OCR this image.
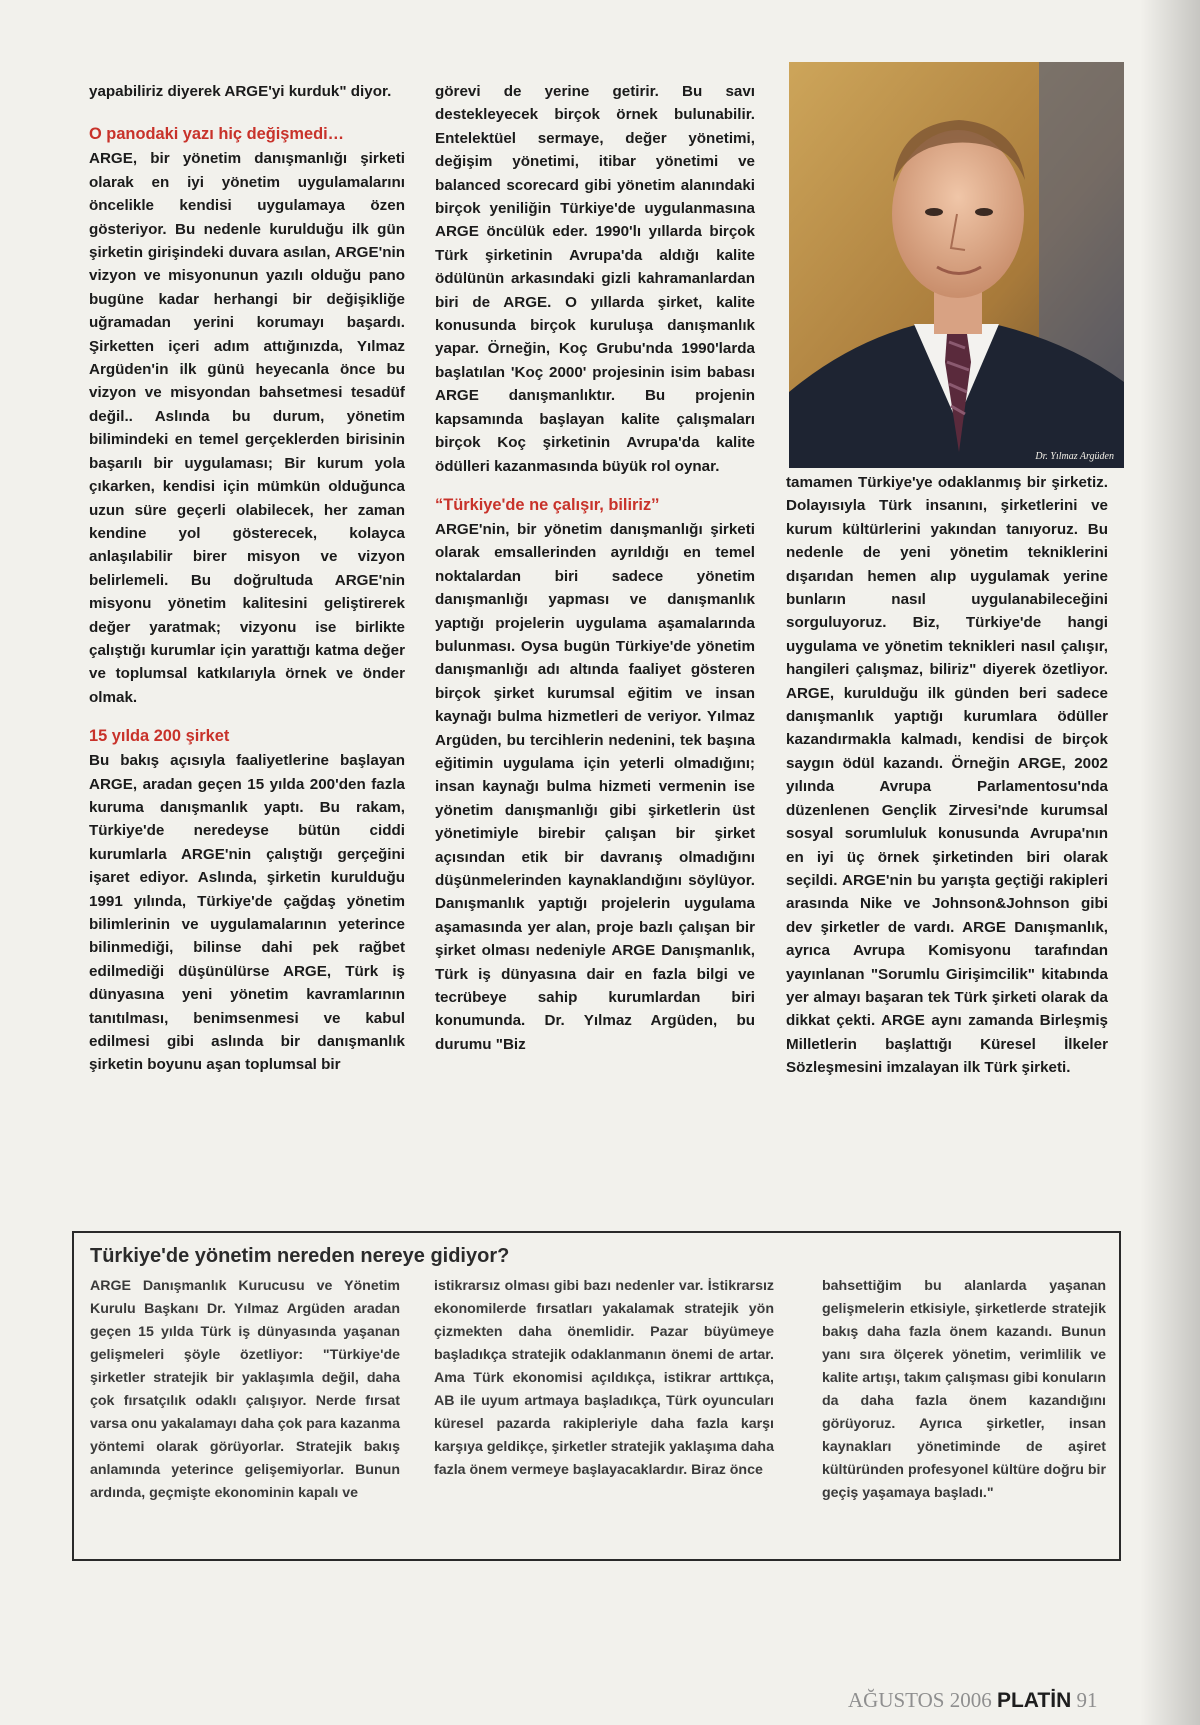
yapabiliriz diyerek ARGE'yi kurduk" diyor.

O panodaki yazı hiç değişmedi…

ARGE, bir yönetim danışmanlığı şirketi olarak en iyi yönetim uygulamalarını öncelikle kendisi uygulamaya özen gösteriyor. Bu nedenle kurulduğu ilk gün şirketin girişindeki duvara asılan, ARGE'nin vizyon ve misyonunun yazılı olduğu pano bugüne kadar herhangi bir değişikliğe uğramadan yerini korumayı başardı. Şirketten içeri adım attığınızda, Yılmaz Argüden'in ilk günü heyecanla önce bu vizyon ve misyondan bahsetmesi tesadüf değil.. Aslında bu durum, yönetim bilimindeki en temel gerçeklerden birisinin başarılı bir uygulaması; Bir kurum yola çıkarken, kendisi için mümkün olduğunca uzun süre geçerli olabilecek, her zaman kendine yol gösterecek, kolayca anlaşılabilir birer misyon ve vizyon belirlemeli. Bu doğrultuda ARGE'nin misyonu yönetim kalitesini geliştirerek değer yaratmak; vizyonu ise birlikte çalıştığı kurumlar için yarattığı katma değer ve toplumsal katkılarıyla örnek ve önder olmak.

15 yılda 200 şirket

Bu bakış açısıyla faaliyetlerine başlayan ARGE, aradan geçen 15 yılda 200'den fazla kuruma danışmanlık yaptı. Bu rakam, Türkiye'de neredeyse bütün ciddi kurumlarla ARGE'nin çalıştığı gerçeğini işaret ediyor. Aslında, şirketin kurulduğu 1991 yılında, Türkiye'de çağdaş yönetim bilimlerinin ve uygulamalarının yeterince bilinmediği, bilinse dahi pek rağbet edilmediği düşünülürse ARGE, Türk iş dünyasına yeni yönetim kavramlarının tanıtılması, benimsenmesi ve kabul edilmesi gibi aslında bir danışmanlık şirketin boyunu aşan toplumsal bir

görevi de yerine getirir. Bu savı destekleyecek birçok örnek bulunabilir. Entelektüel sermaye, değer yönetimi, değişim yönetimi, itibar yönetimi ve balanced scorecard gibi yönetim alanındaki birçok yeniliğin Türkiye'de uygulanmasına ARGE öncülük eder. 1990'lı yıllarda birçok Türk şirketinin Avrupa'da aldığı kalite ödülünün arkasındaki gizli kahramanlardan biri de ARGE. O yıllarda şirket, kalite konusunda birçok kuruluşa danışmanlık yapar. Örneğin, Koç Grubu'nda 1990'larda başlatılan 'Koç 2000' projesinin isim babası ARGE danışmanlıktır. Bu projenin kapsamında başlayan kalite çalışmaları birçok Koç şirketinin Avrupa'da kalite ödülleri kazanmasında büyük rol oynar.

“Türkiye'de ne çalışır, bilirizˮ

ARGE'nin, bir yönetim danışmanlığı şirketi olarak emsallerinden ayrıldığı en temel noktalardan biri sadece yönetim danışmanlığı yapması ve danışmanlık yaptığı projelerin uygulama aşamalarında bulunması. Oysa bugün Türkiye'de yönetim danışmanlığı adı altında faaliyet gösteren birçok şirket kurumsal eğitim ve insan kaynağı bulma hizmetleri de veriyor. Yılmaz Argüden, bu tercihlerin nedenini, tek başına eğitimin uygulama için yeterli olmadığını; insan kaynağı bulma hizmeti vermenin ise yönetim danışmanlığı gibi şirketlerin üst yönetimiyle birebir çalışan bir şirket açısından etik bir davranış olmadığını düşünmelerinden kaynaklandığını söylüyor. Danışmanlık yaptığı projelerin uygulama aşamasında yer alan, proje bazlı çalışan bir şirket olması nedeniyle ARGE Danışmanlık, Türk iş dünyasına dair en fazla bilgi ve tecrübeye sahip kurumlardan biri konumunda. Dr. Yılmaz Argüden, bu durumu "Biz

Dr. Yılmaz Argüden

tamamen Türkiye'ye odaklanmış bir şirketiz. Dolayısıyla Türk insanını, şirketlerini ve kurum kültürlerini yakından tanıyoruz. Bu nedenle de yeni yönetim tekniklerini dışarıdan hemen alıp uygulamak yerine bunların nasıl uygulanabileceğini sorguluyoruz. Biz, Türkiye'de hangi uygulama ve yönetim teknikleri nasıl çalışır, hangileri çalışmaz, biliriz" diyerek özetliyor. ARGE, kurulduğu ilk günden beri sadece danışmanlık yaptığı kurumlara ödüller kazandırmakla kalmadı, kendisi de birçok saygın ödül kazandı. Örneğin ARGE, 2002 yılında Avrupa Parlamentosu'nda düzenlenen Gençlik Zirvesi'nde kurumsal sosyal sorumluluk konusunda Avrupa'nın en iyi üç örnek şirketinden biri olarak seçildi. ARGE'nin bu yarışta geçtiği rakipleri arasında Nike ve Johnson&Johnson gibi dev şirketler de vardı. ARGE Danışmanlık, ayrıca Avrupa Komisyonu tarafından yayınlanan "Sorumlu Girişimcilik" kitabında yer almayı başaran tek Türk şirketi olarak da dikkat çekti. ARGE aynı zamanda Birleşmiş Milletlerin başlattığı Küresel İlkeler Sözleşmesini imzalayan ilk Türk şirketi.

Türkiye'de yönetim nereden nereye gidiyor?
ARGE Danışmanlık Kurucusu ve Yönetim Kurulu Başkanı Dr. Yılmaz Argüden aradan geçen 15 yılda Türk iş dünyasında yaşanan gelişmeleri şöyle özetliyor: "Türkiye'de şirketler stratejik bir yaklaşımla değil, daha çok fırsatçılık odaklı çalışıyor. Nerde fırsat varsa onu yakalamayı daha çok para kazanma yöntemi olarak görüyorlar. Stratejik bakış anlamında yeterince gelişemiyorlar. Bunun ardında, geçmişte ekonominin kapalı ve
istikrarsız olması gibi bazı nedenler var. İstikrarsız ekonomilerde fırsatları yakalamak stratejik yön çizmekten daha önemlidir. Pazar büyümeye başladıkça stratejik odaklanmanın önemi de artar. Ama Türk ekonomisi açıldıkça, istikrar arttıkça, AB ile uyum artmaya başladıkça, Türk oyuncuları küresel pazarda rakipleriyle daha fazla karşı karşıya geldikçe, şirketler stratejik yaklaşıma daha fazla önem vermeye başlayacaklardır. Biraz önce
bahsettiğim bu alanlarda yaşanan gelişmelerin etkisiyle, şirketlerde stratejik bakış daha fazla önem kazandı. Bunun yanı sıra ölçerek yönetim, verimlilik ve kalite artışı, takım çalışması gibi konuların da daha fazla önem kazandığını görüyoruz. Ayrıca şirketler, insan kaynakları yönetiminde de aşiret kültüründen profesyonel kültüre doğru bir geçiş yaşamaya başladı."
AĞUSTOS 2006 PLATİN 91
